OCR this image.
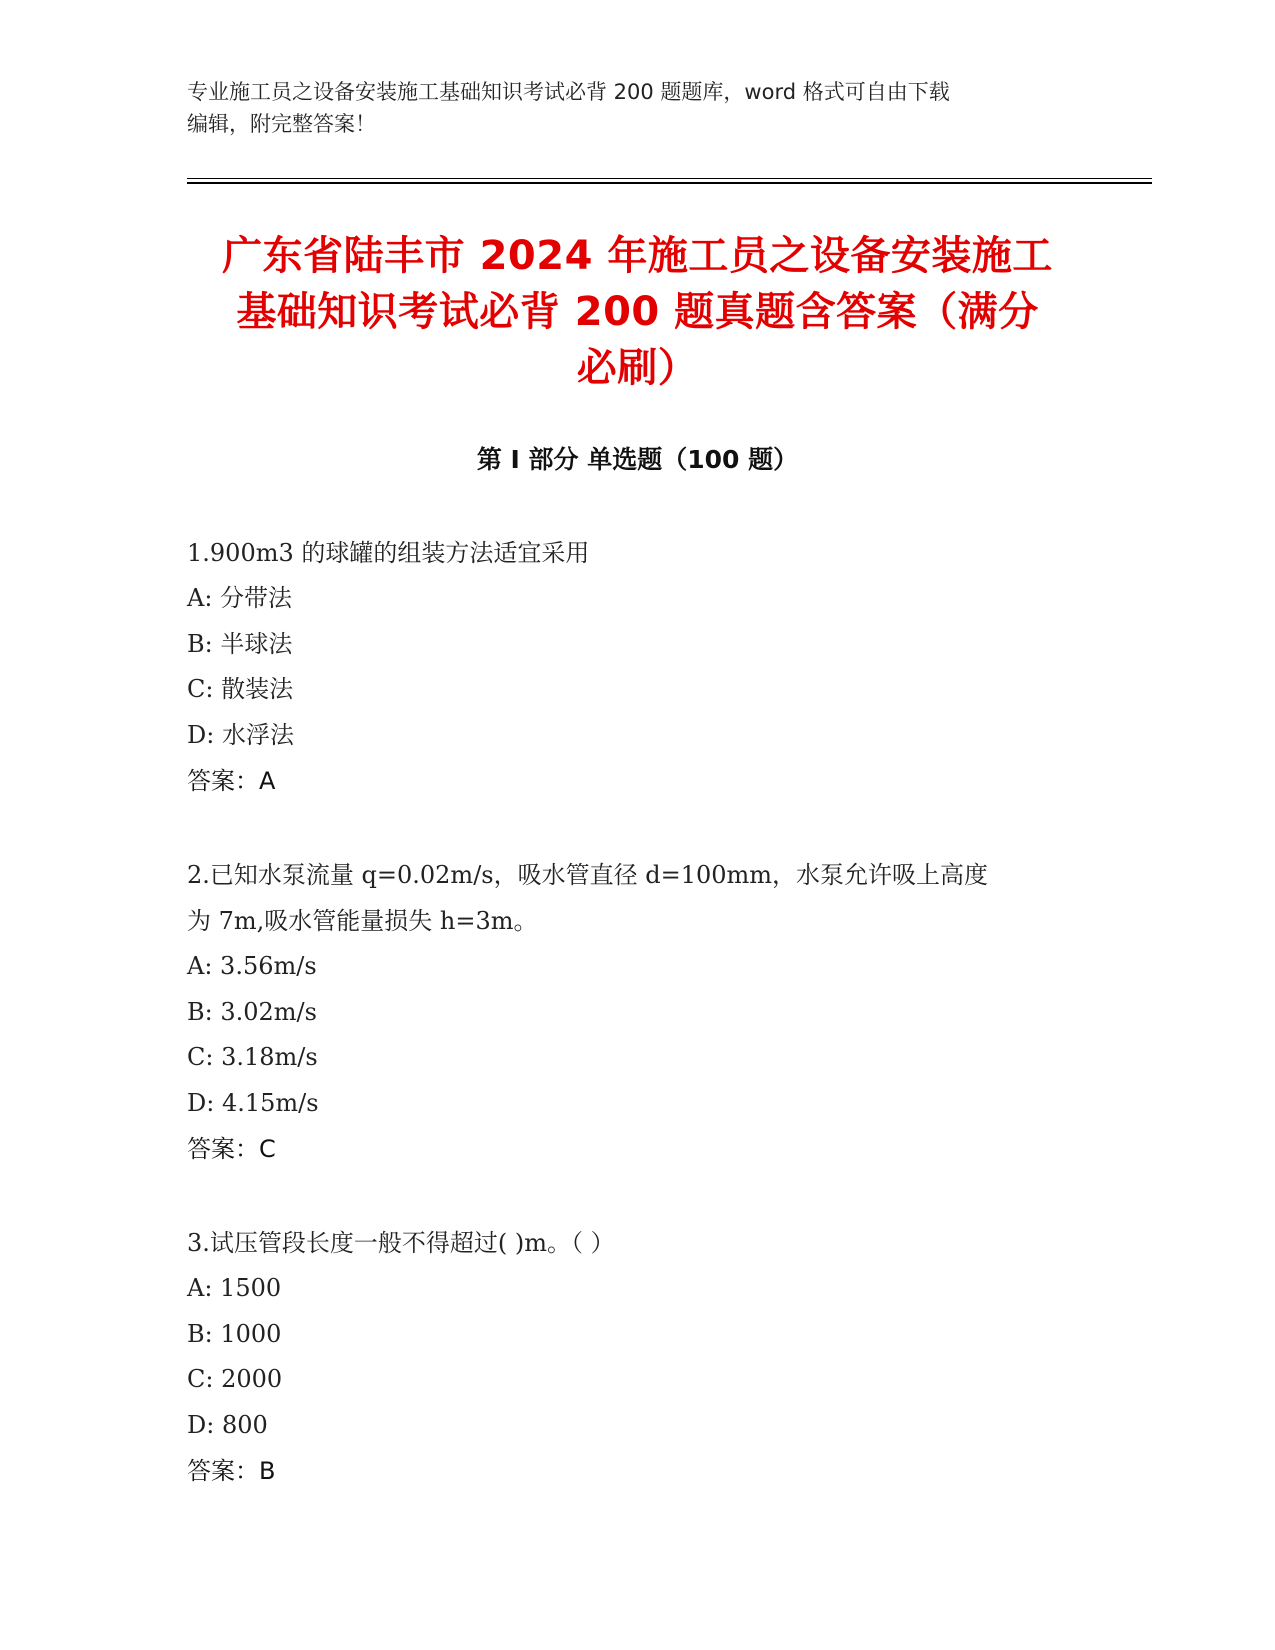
专业施工员之设备安装施工基础知识考试必背 200 题题库，word 格式可自由下载
编辑，附完整答案！
广东省陆丰市 2024 年施工员之设备安装施工
基础知识考试必背 200 题真题含答案（满分
必刷）
第 I 部分 单选题（100 题）
1.900m3 的球罐的组装方法适宜采用
A: 分带法
B: 半球法
C: 散装法
D: 水浮法
答案：A
2.已知水泵流量 q=0.02m/s，吸水管直径 d=100mm，水泵允许吸上高度
为 7m,吸水管能量损失 h=3m。
A: 3.56m/s
B: 3.02m/s
C: 3.18m/s
D: 4.15m/s
答案：C
3.试压管段长度一般不得超过( )m。（ ）
A: 1500
B: 1000
C: 2000
D: 800
答案：B
